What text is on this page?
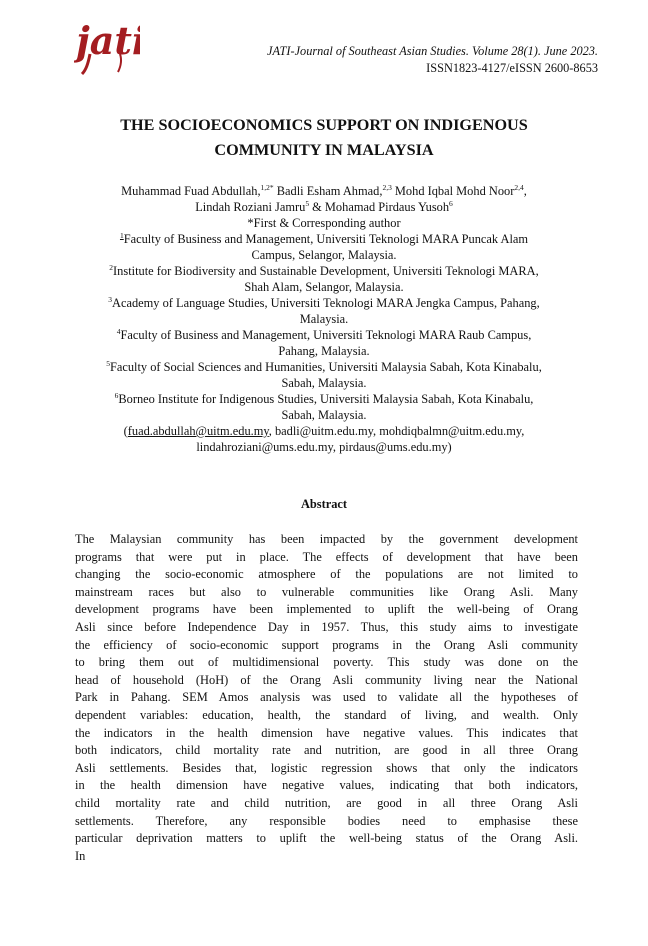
jati	JATI-Journal of Southeast Asian Studies. Volume 28(1). June 2023.
ISSN1823-4127/eISSN 2600-8653
THE SOCIOECONOMICS SUPPORT ON INDIGENOUS
COMMUNITY IN MALAYSIA
Muhammad Fuad Abdullah,$^{1,2*}$ Badli Esham Ahmad,$^{2,3}$ Mohd Iqbal Mohd Noor$^{2,4}$,
Lindah Roziani Jamru$^5$ & Mohamad Pirdaus Yusoh$^6$
*First & Corresponding author
$^1$Faculty of Business and Management, Universiti Teknologi MARA Puncak Alam
Campus, Selangor, Malaysia.
$^2$Institute for Biodiversity and Sustainable Development, Universiti Teknologi MARA,
Shah Alam, Selangor, Malaysia.
$^3$Academy of Language Studies, Universiti Teknologi MARA Jengka Campus, Pahang,
Malaysia.
$^4$Faculty of Business and Management, Universiti Teknologi MARA Raub Campus,
Pahang, Malaysia.
$^5$Faculty of Social Sciences and Humanities, Universiti Malaysia Sabah, Kota Kinabalu,
Sabah, Malaysia.
$^6$Borneo Institute for Indigenous Studies, Universiti Malaysia Sabah, Kota Kinabalu,
Sabah, Malaysia.
(fuad.abdullah@uitm.edu.my, badli@uitm.edu.my, mohdiqbalmn@uitm.edu.my,
lindahroziani@ums.edu.my, pirdaus@ums.edu.my)
Abstract
The Malaysian community has been impacted by the government development
programs that were put in place. The effects of development that have been
changing the socio-economic atmosphere of the populations are not limited to
mainstream races but also to vulnerable communities like Orang Asli. Many
development programs have been implemented to uplift the well-being of Orang
Asli since before Independence Day in 1957. Thus, this study aims to investigate
the efficiency of socio-economic support programs in the Orang Asli community
to bring them out of multidimensional poverty. This study was done on the
head of household (HoH) of the Orang Asli community living near the National
Park in Pahang. SEM Amos analysis was used to validate all the hypotheses of
dependent variables: education, health, the standard of living, and wealth. Only
the indicators in the health dimension have negative values. This indicates that
both indicators, child mortality rate and nutrition, are good in all three Orang
Asli settlements. Besides that, logistic regression shows that only the indicators
in the health dimension have negative values, indicating that both indicators,
child mortality rate and child nutrition, are good in all three Orang Asli
settlements. Therefore, any responsible bodies need to emphasise these
particular deprivation matters to uplift the well-being status of the Orang Asli.
In
